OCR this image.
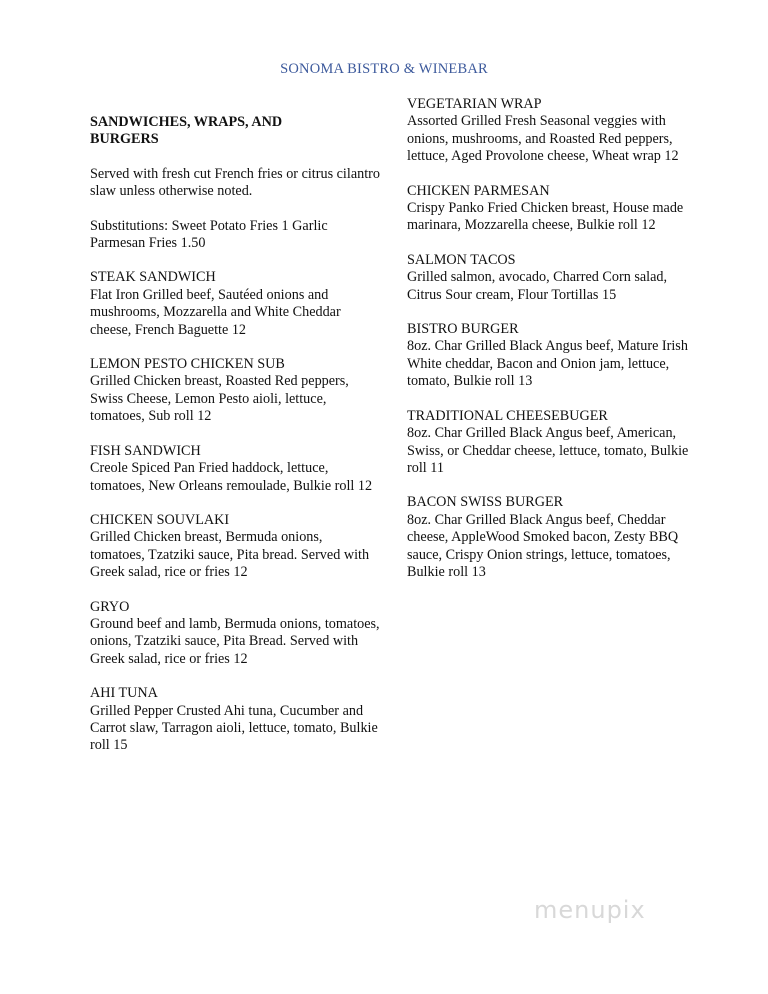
SONOMA BISTRO & WINEBAR
SANDWICHES, WRAPS, AND
BURGERS
Served with fresh cut French fries or citrus cilantro slaw unless otherwise noted.
Substitutions: Sweet Potato Fries 1 Garlic Parmesan Fries 1.50
STEAK SANDWICH
Flat Iron Grilled beef, Sautéed onions and mushrooms, Mozzarella and White Cheddar cheese, French Baguette 12
LEMON PESTO CHICKEN SUB
Grilled Chicken breast, Roasted Red peppers, Swiss Cheese, Lemon Pesto aioli, lettuce, tomatoes, Sub roll 12
FISH SANDWICH
Creole Spiced Pan Fried haddock, lettuce, tomatoes, New Orleans remoulade, Bulkie roll 12
CHICKEN SOUVLAKI
Grilled Chicken breast, Bermuda onions, tomatoes, Tzatziki sauce, Pita bread. Served with Greek salad, rice or fries 12
GRYO
Ground beef and lamb, Bermuda onions, tomatoes, onions, Tzatziki sauce, Pita Bread. Served with Greek salad, rice or fries 12
AHI TUNA
Grilled Pepper Crusted Ahi tuna, Cucumber and Carrot slaw, Tarragon aioli, lettuce, tomato, Bulkie roll 15
VEGETARIAN WRAP
Assorted Grilled Fresh Seasonal veggies with onions, mushrooms, and Roasted Red peppers, lettuce, Aged Provolone cheese, Wheat wrap 12
CHICKEN PARMESAN
Crispy Panko Fried Chicken breast, House made marinara, Mozzarella cheese, Bulkie roll 12
SALMON TACOS
Grilled salmon, avocado, Charred Corn salad, Citrus Sour cream, Flour Tortillas 15
BISTRO BURGER
8oz. Char Grilled Black Angus beef, Mature Irish White cheddar, Bacon and Onion jam, lettuce, tomato, Bulkie roll 13
TRADITIONAL CHEESEBUGER
8oz. Char Grilled Black Angus beef, American, Swiss, or Cheddar cheese, lettuce, tomato, Bulkie roll 11
BACON SWISS BURGER
8oz. Char Grilled Black Angus beef, Cheddar cheese, AppleWood Smoked bacon, Zesty BBQ sauce, Crispy Onion strings, lettuce, tomatoes, Bulkie roll 13
menupix
